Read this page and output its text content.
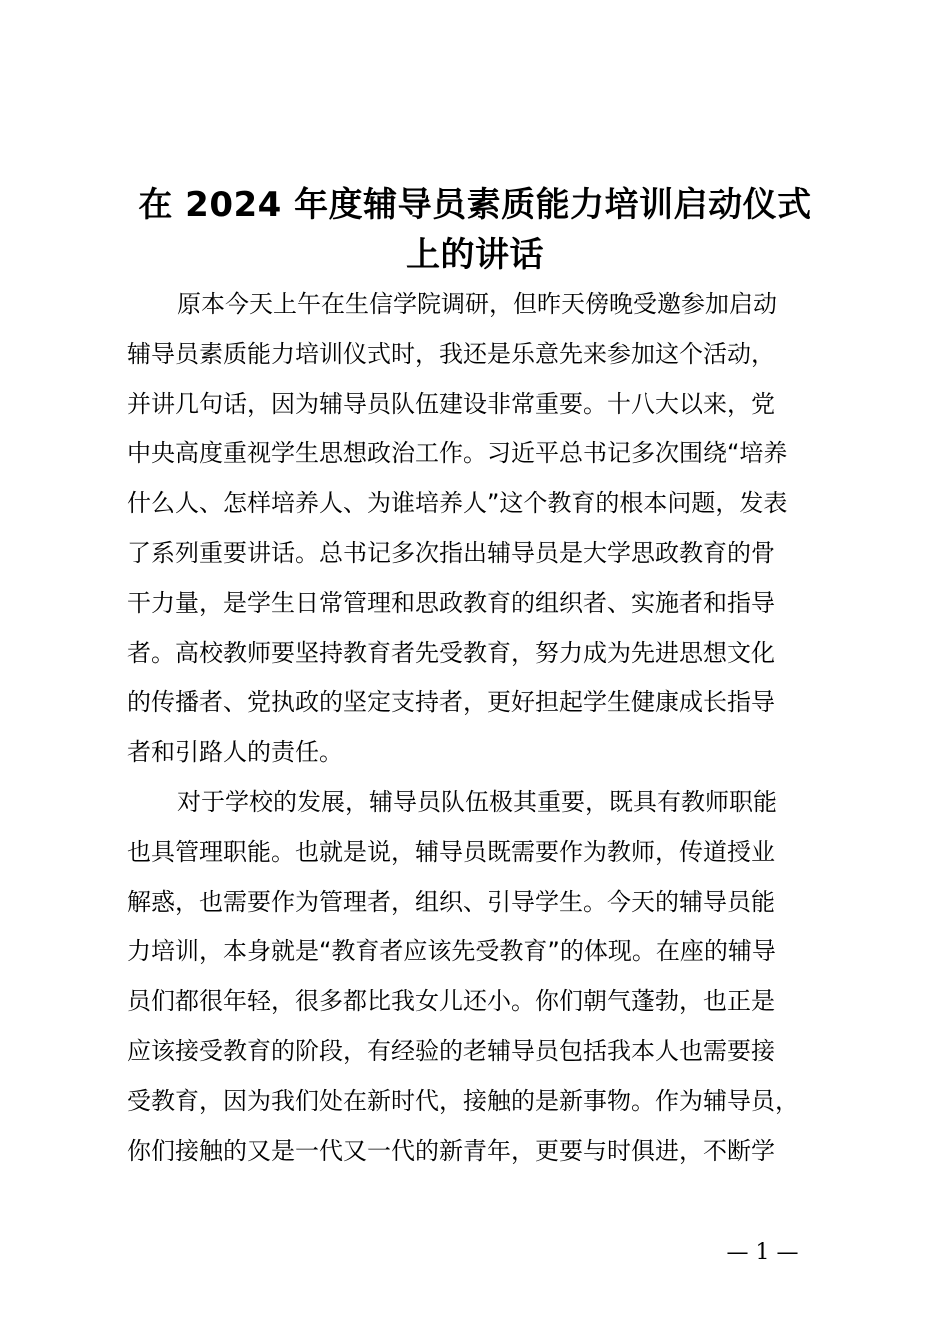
在 2024 年度辅导员素质能力培训启动仪式
上的讲话
原本今天上午在生信学院调研，但昨天傍晚受邀参加启动
辅导员素质能力培训仪式时，我还是乐意先来参加这个活动，
并讲几句话，因为辅导员队伍建设非常重要。十八大以来，党
中央高度重视学生思想政治工作。习近平总书记多次围绕“培养
什么人、怎样培养人、为谁培养人”这个教育的根本问题，发表
了系列重要讲话。总书记多次指出辅导员是大学思政教育的骨
干力量，是学生日常管理和思政教育的组织者、实施者和指导
者。高校教师要坚持教育者先受教育，努力成为先进思想文化
的传播者、党执政的坚定支持者，更好担起学生健康成长指导
者和引路人的责任。
对于学校的发展，辅导员队伍极其重要，既具有教师职能
也具管理职能。也就是说，辅导员既需要作为教师，传道授业
解惑，也需要作为管理者，组织、引导学生。今天的辅导员能
力培训，本身就是“教育者应该先受教育”的体现。在座的辅导
员们都很年轻，很多都比我女儿还小。你们朝气蓬勃，也正是
应该接受教育的阶段，有经验的老辅导员包括我本人也需要接
受教育，因为我们处在新时代，接触的是新事物。作为辅导员，
你们接触的又是一代又一代的新青年，更要与时俱进，不断学
— 1 —
